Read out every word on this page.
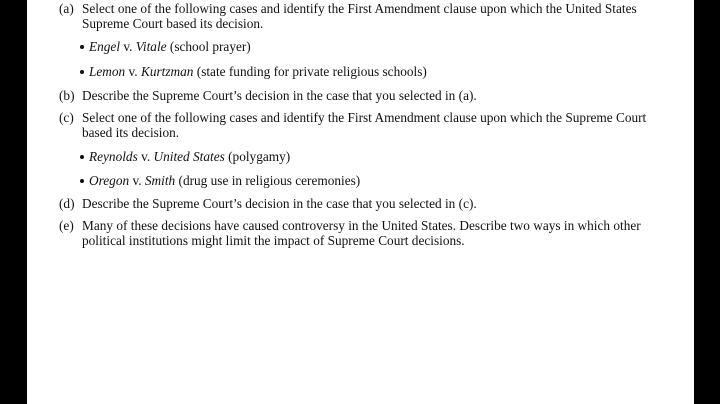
(a) Select one of the following cases and identify the First Amendment clause upon which the United States
Supreme Court based its decision.
Engel v. Vitale (school prayer)
Lemon v. Kurtzman (state funding for private religious schools)
(b) Describe the Supreme Court’s decision in the case that you selected in (a).
(c) Select one of the following cases and identify the First Amendment clause upon which the Supreme Court
based its decision.
Reynolds v. United States (polygamy)
Oregon v. Smith (drug use in religious ceremonies)
(d) Describe the Supreme Court’s decision in the case that you selected in (c).
(e) Many of these decisions have caused controversy in the United States. Describe two ways in which other
political institutions might limit the impact of Supreme Court decisions.
